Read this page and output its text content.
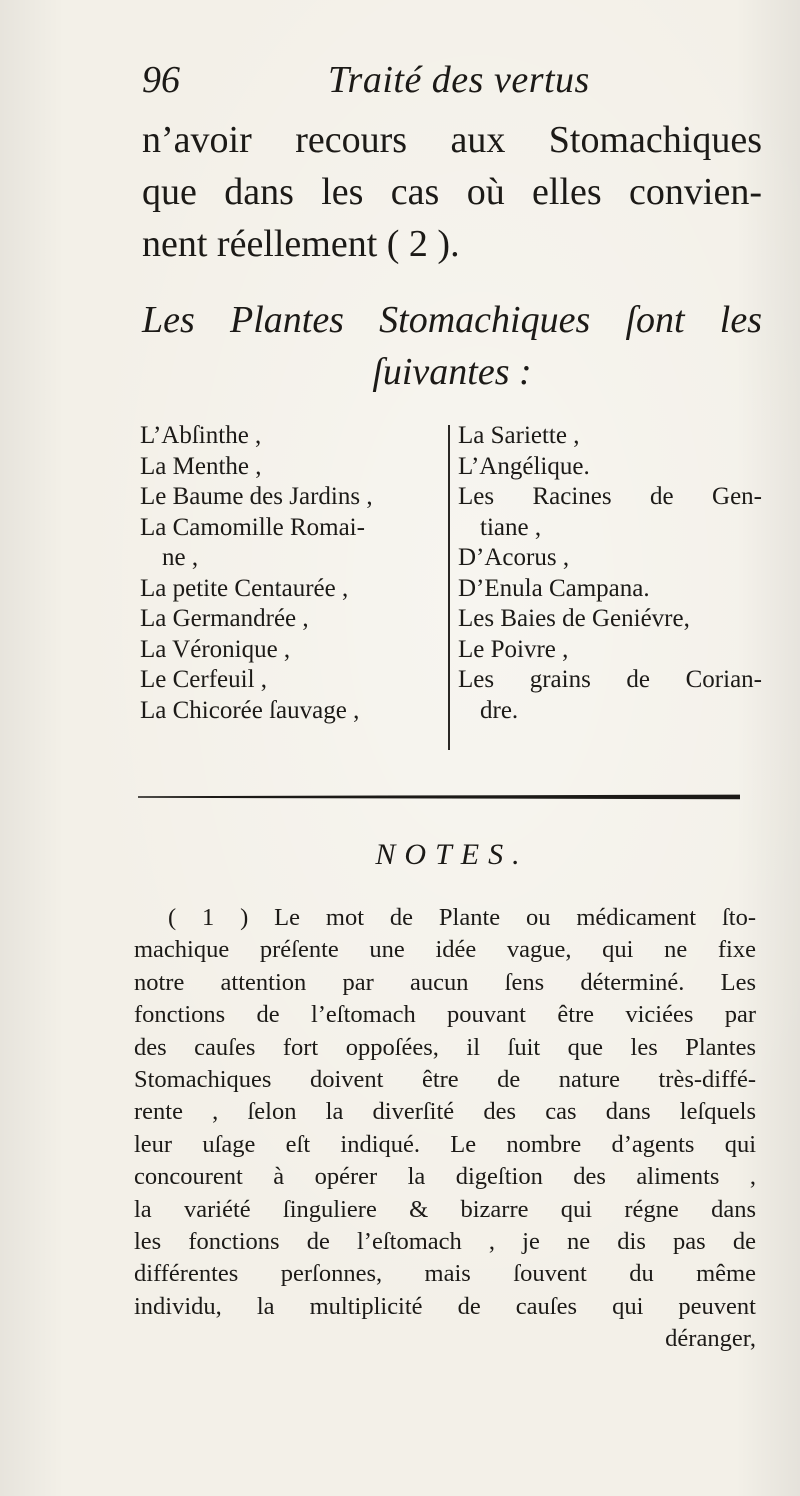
96	Traité des vertus
n’avoir recours aux Stomachiques
que dans les cas où elles convien-
nent réellement ( 2 ).
Les Plantes Stomachiques ſont les
ſuivantes :
L’Abſinthe ,
La Menthe ,
Le Baume des Jardins ,
La Camomille Romai-
ne ,
La petite Centaurée ,
La Germandrée ,
La Véronique ,
Le Cerfeuil ,
La Chicorée ſauvage ,
La Sariette ,
L’Angélique.
Les Racines de Gen-
tiane ,
D’Acorus ,
D’Enula Campana.
Les Baies de Geniévre,
Le Poivre ,
Les grains de Corian-
dre.
NOTES.
( 1 ) Le mot de Plante ou médicament ſto-
machique préſente une idée vague, qui ne fixe
notre attention par aucun ſens déterminé. Les
fonctions de l’eſtomach pouvant être viciées par
des cauſes fort oppoſées, il ſuit que les Plantes
Stomachiques doivent être de nature très-diffé-
rente , ſelon la diverſité des cas dans leſquels
leur uſage eſt indiqué. Le nombre d’agents qui
concourent à opérer la digeſtion des aliments ,
la variété ſinguliere & bizarre qui régne dans
les fonctions de l’eſtomach , je ne dis pas de
différentes perſonnes, mais ſouvent du même
individu, la multiplicité de cauſes qui peuvent
déranger,
